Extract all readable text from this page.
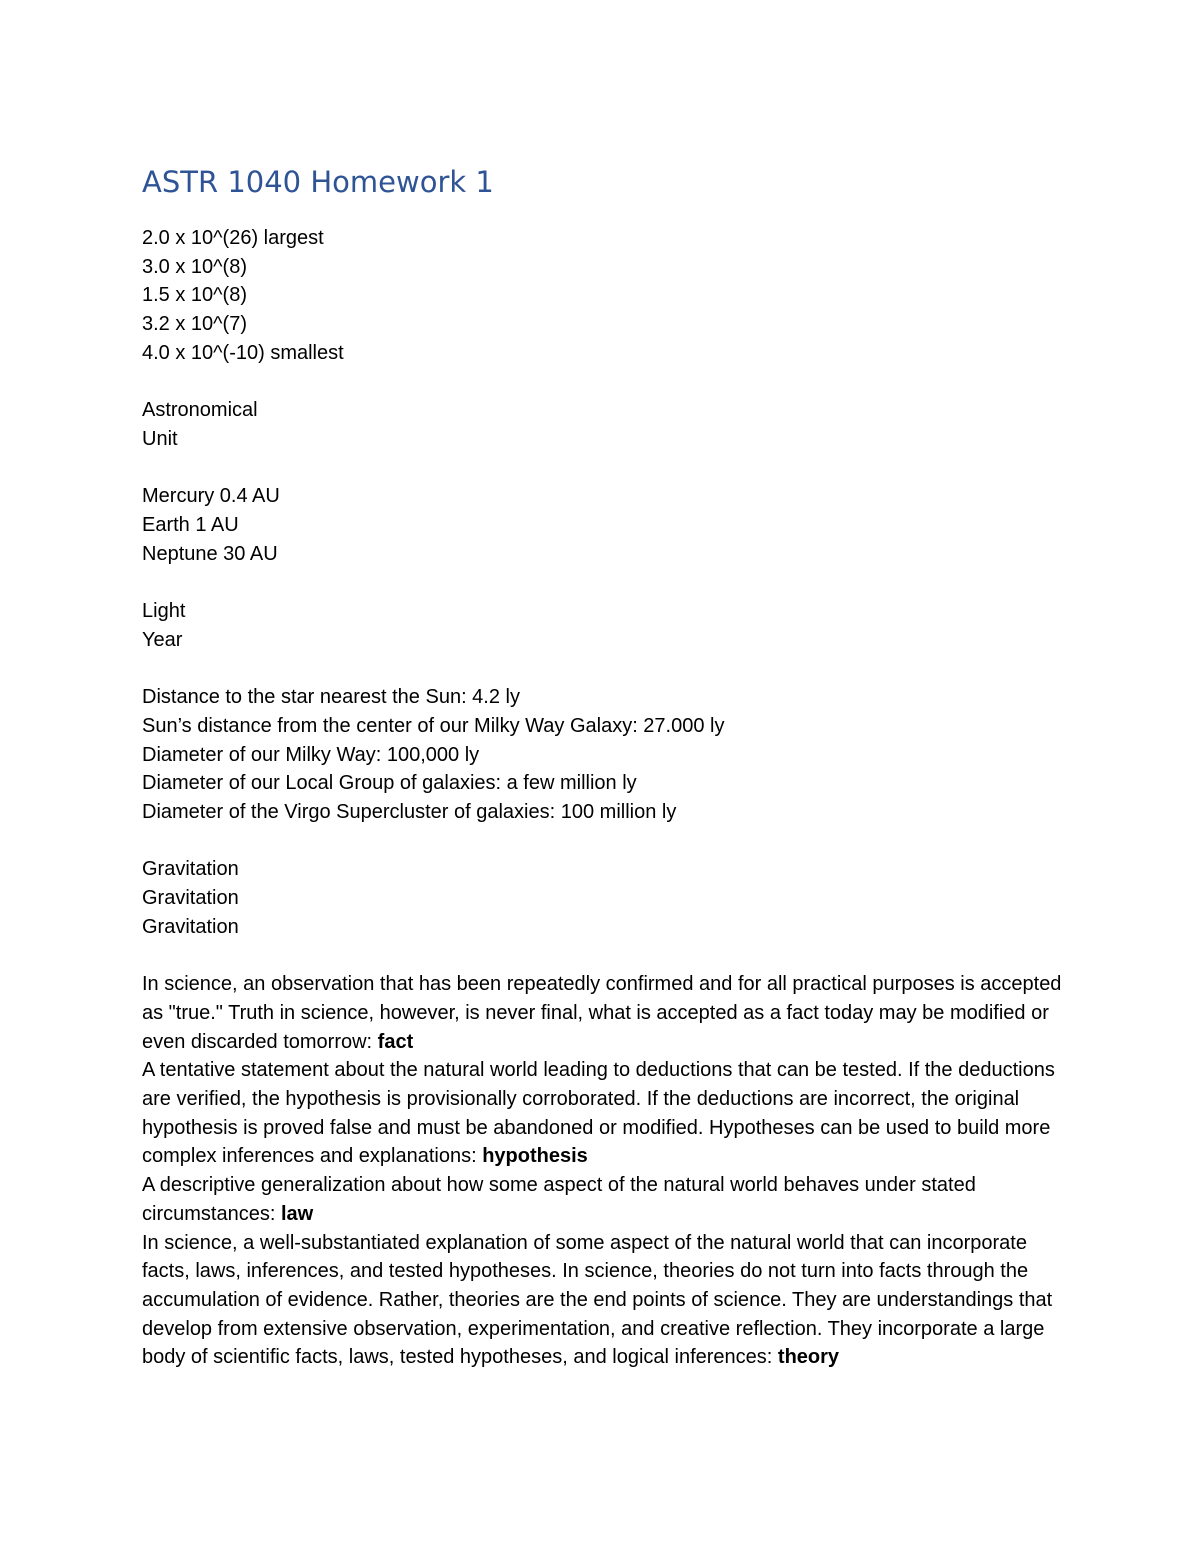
ASTR 1040 Homework 1
2.0 x 10^(26) largest
3.0 x 10^(8)
1.5 x 10^(8)
3.2 x 10^(7)
4.0 x 10^(-10) smallest
Astronomical
Unit
Mercury 0.4 AU
Earth 1 AU
Neptune 30 AU
Light
Year
Distance to the star nearest the Sun: 4.2 ly
Sun’s distance from the center of our Milky Way Galaxy: 27.000 ly
Diameter of our Milky Way: 100,000 ly
Diameter of our Local Group of galaxies: a few million ly
Diameter of the Virgo Supercluster of galaxies: 100 million ly
Gravitation
Gravitation
Gravitation

In science, an observation that has been repeatedly confirmed and for all practical purposes is accepted as "true." Truth in science, however, is never final, what is accepted as a fact today may be modified or even discarded tomorrow: fact

A tentative statement about the natural world leading to deductions that can be tested. If the deductions are verified, the hypothesis is provisionally corroborated. If the deductions are incorrect, the original hypothesis is proved false and must be abandoned or modified. Hypotheses can be used to build more complex inferences and explanations: hypothesis

A descriptive generalization about how some aspect of the natural world behaves under stated circumstances: law

In science, a well-substantiated explanation of some aspect of the natural world that can incorporate facts, laws, inferences, and tested hypotheses. In science, theories do not turn into facts through the accumulation of evidence. Rather, theories are the end points of science. They are understandings that develop from extensive observation, experimentation, and creative reflection. They incorporate a large body of scientific facts, laws, tested hypotheses, and logical inferences: theory
